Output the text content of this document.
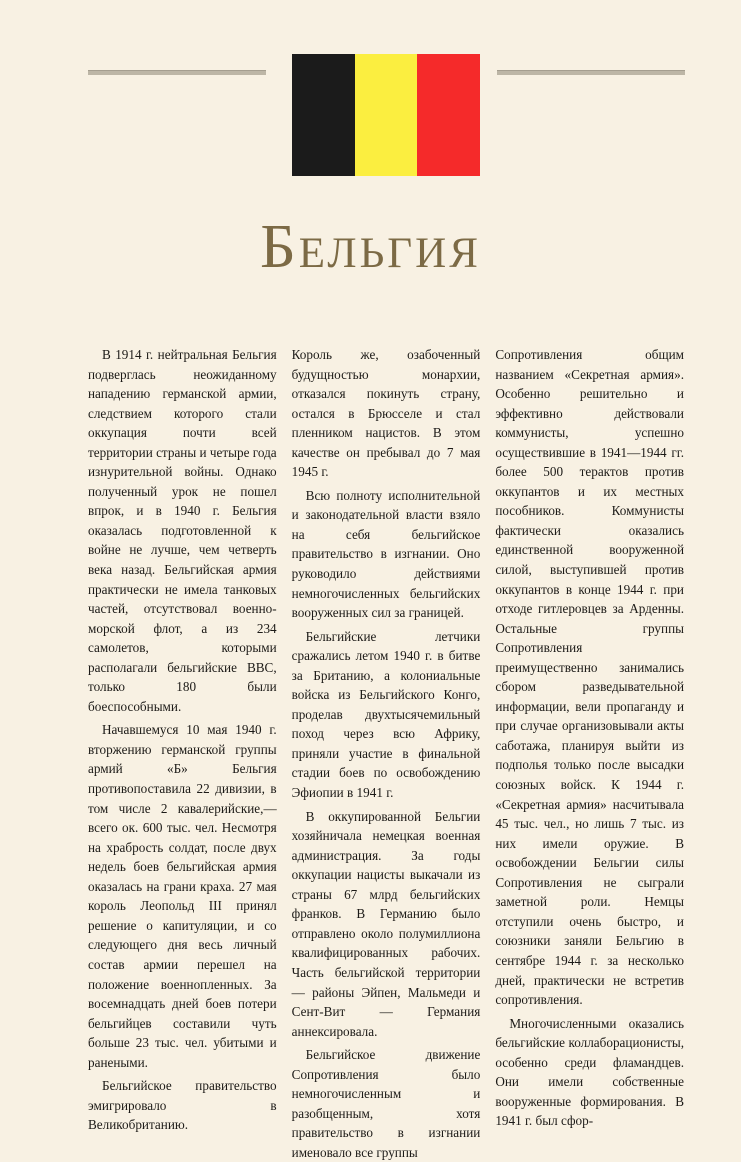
Бельгия

В 1914 г. нейтральная Бельгия подверглась неожиданному нападению германской армии, следствием которого стали оккупация почти всей территории страны и четыре года изнурительной войны. Однако полученный урок не пошел впрок, и в 1940 г. Бельгия оказалась подготовленной к войне не лучше, чем четверть века назад. Бельгийская армия практически не имела танковых частей, отсутствовал военно-морской флот, а из 234 самолетов, которыми располагали бельгийские ВВС, только 180 были боеспособными.

Начавшемуся 10 мая 1940 г. вторжению германской группы армий «Б» Бельгия противопоставила 22 дивизии, в том числе 2 кавалерийские,— всего ок. 600 тыс. чел. Несмотря на храбрость солдат, после двух недель боев бельгийская армия оказалась на грани краха. 27 мая король Леопольд III принял решение о капитуляции, и со следующего дня весь личный состав армии перешел на положение военнопленных. За восемнадцать дней боев потери бельгийцев составили чуть больше 23 тыс. чел. убитыми и ранеными.

Бельгийское правительство эмигрировало в Великобританию.

Король же, озабоченный будущностью монархии, отказался покинуть страну, остался в Брюсселе и стал пленником нацистов. В этом качестве он пребывал до 7 мая 1945 г.

Всю полноту исполнительной и законодательной власти взяло на себя бельгийское правительство в изгнании. Оно руководило действиями немногочисленных бельгийских вооруженных сил за границей.

Бельгийские летчики сражались летом 1940 г. в битве за Британию, а колониальные войска из Бельгийского Конго, проделав двухтысячемильный поход через всю Африку, приняли участие в финальной стадии боев по освобождению Эфиопии в 1941 г.

В оккупированной Бельгии хозяйничала немецкая военная администрация. За годы оккупации нацисты выкачали из страны 67 млрд бельгийских франков. В Германию было отправлено около полумиллиона квалифицированных рабочих. Часть бельгийской территории — районы Эйпен, Мальмеди и Сент-Вит — Германия аннексировала.

Бельгийское движение Сопротивления было немногочисленным и разобщенным, хотя правительство в изгнании именовало все группы

Сопротивления общим названием «Секретная армия». Особенно решительно и эффективно действовали коммунисты, успешно осуществившие в 1941—1944 гг. более 500 терактов против оккупантов и их местных пособников. Коммунисты фактически оказались единственной вооруженной силой, выступившей против оккупантов в конце 1944 г. при отходе гитлеровцев за Арденны. Остальные группы Сопротивления преимущественно занимались сбором разведывательной информации, вели пропаганду и при случае организовывали акты саботажа, планируя выйти из подполья только после высадки союзных войск. К 1944 г. «Секретная армия» насчитывала 45 тыс. чел., но лишь 7 тыс. из них имели оружие. В освобождении Бельгии силы Сопротивления не сыграли заметной роли. Немцы отступили очень быстро, и союзники заняли Бельгию в сентябре 1944 г. за несколько дней, практически не встретив сопротивления.

Многочисленными оказались бельгийские коллаборационисты, особенно среди фламандцев. Они имели собственные вооруженные формирования. В 1941 г. был сфор-
